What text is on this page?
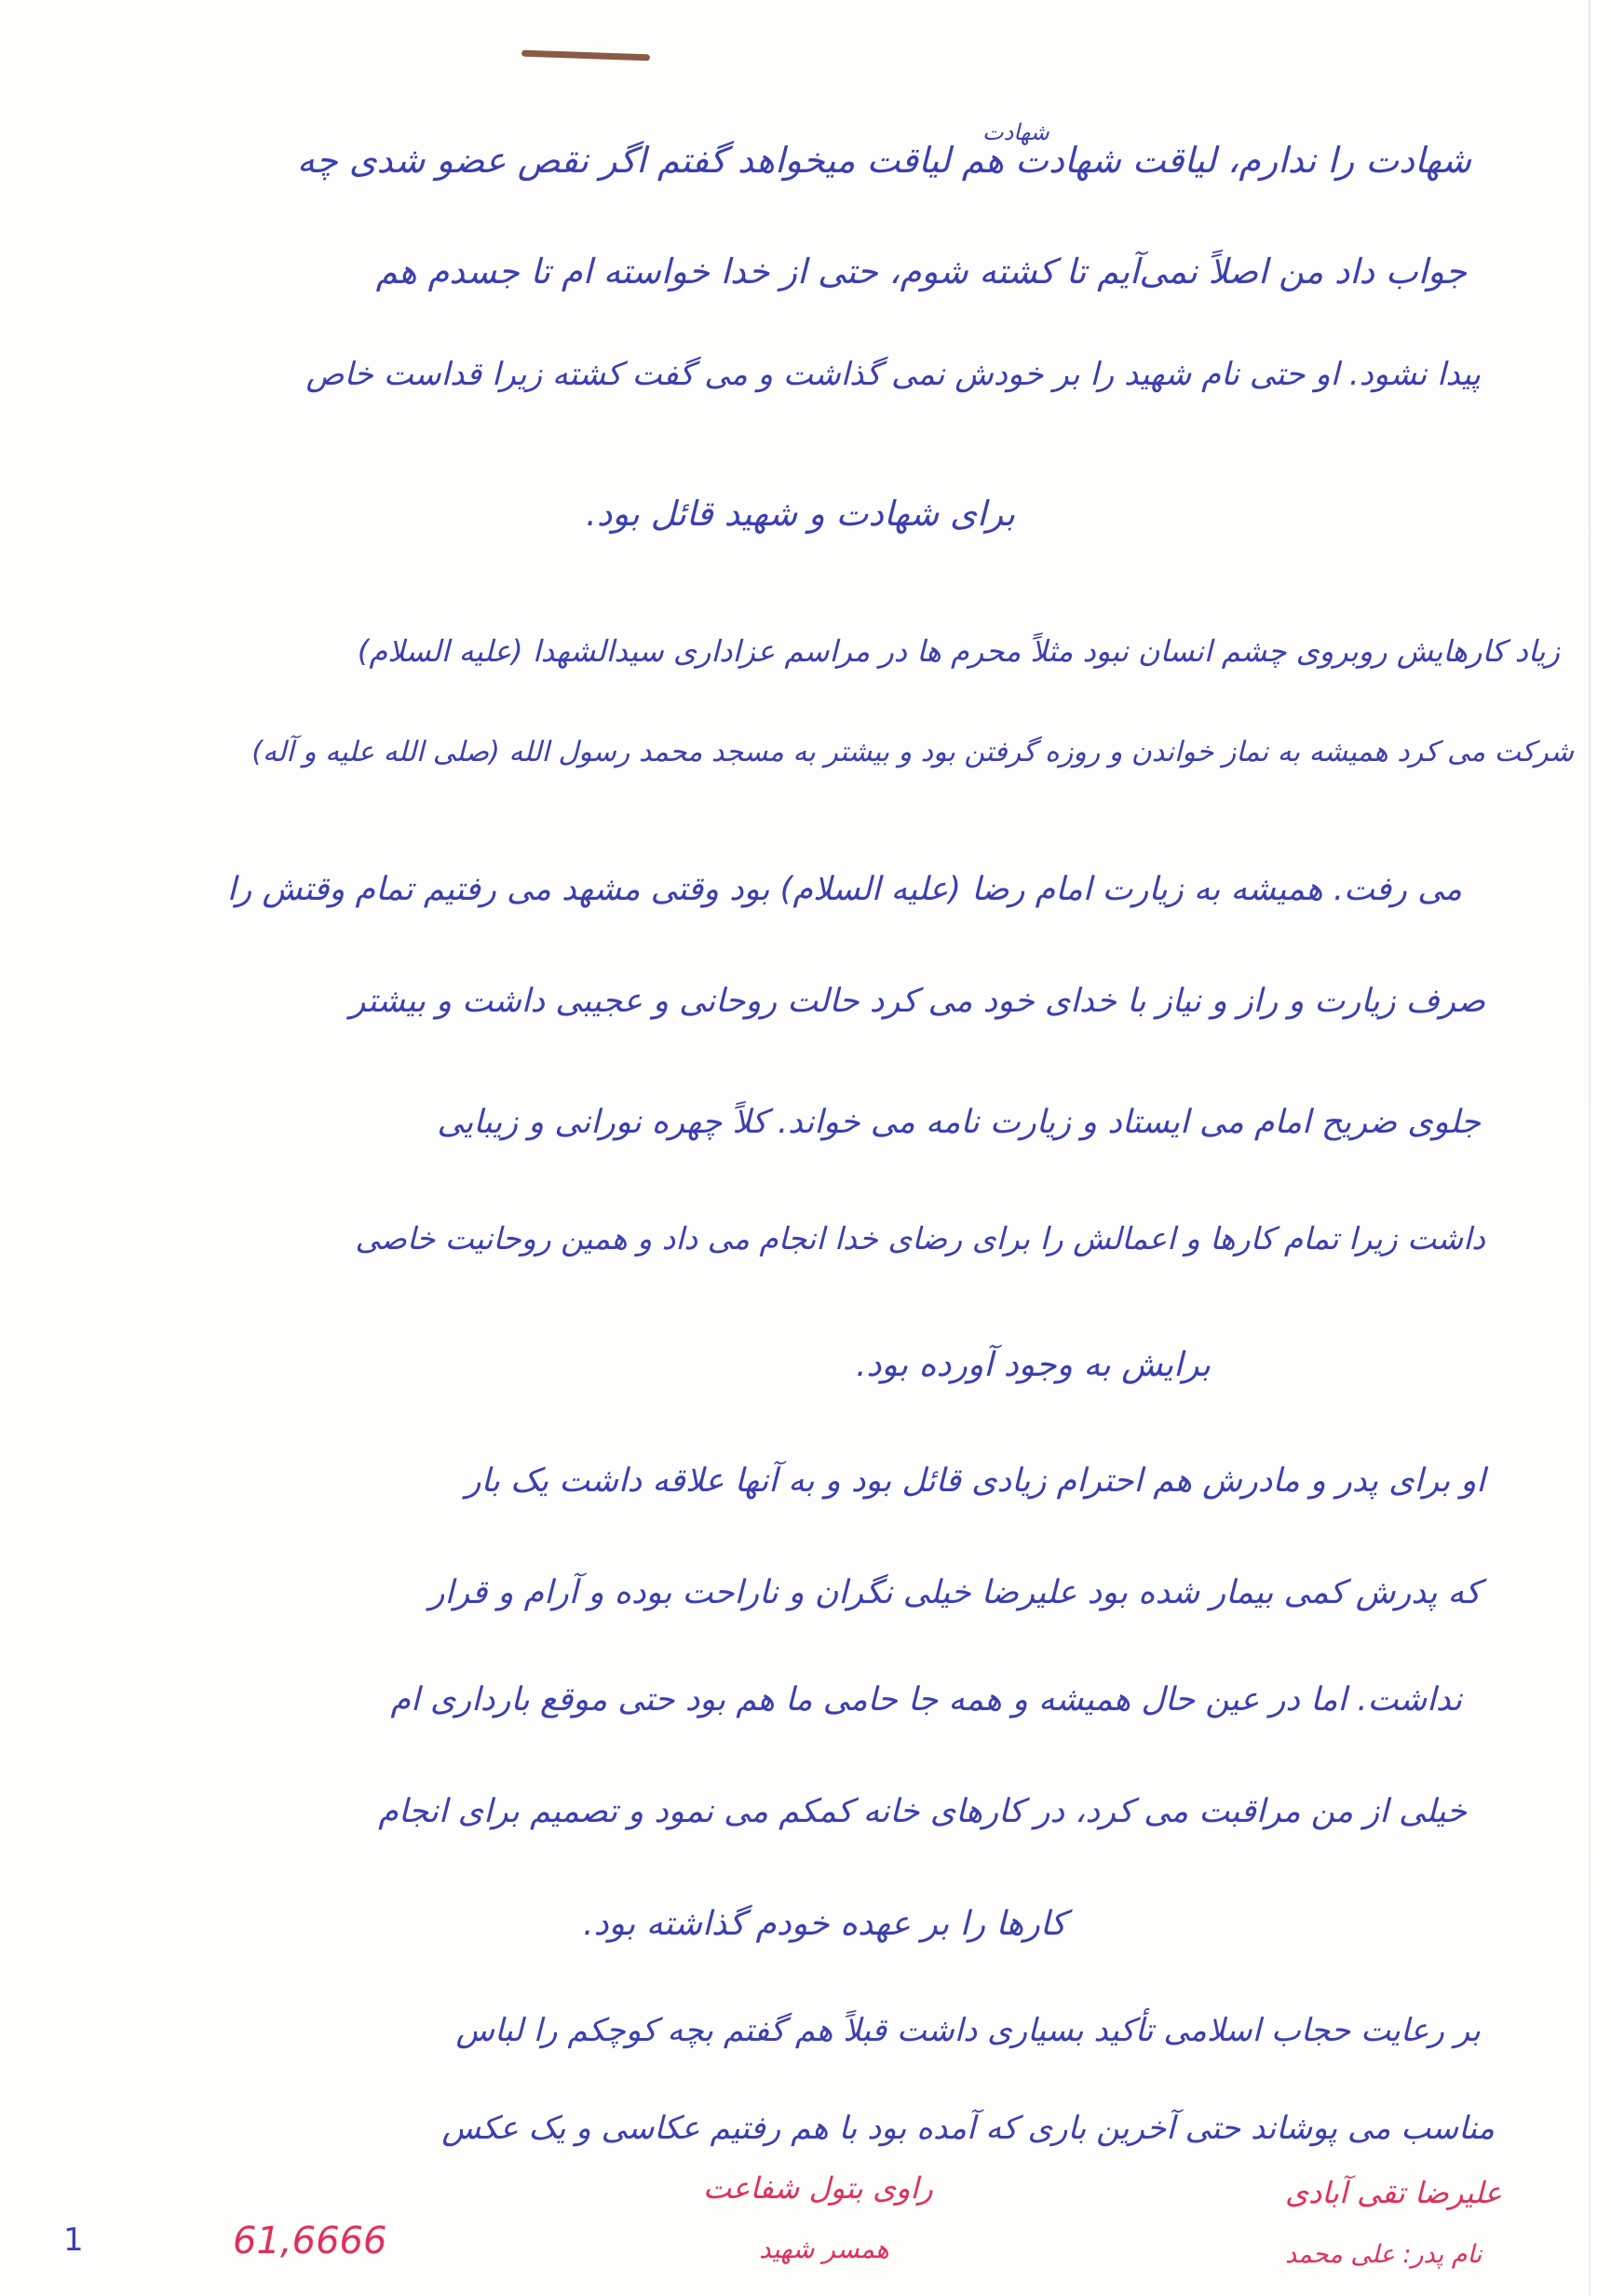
شهادت
شهادت را ندارم، لیاقت شهادت هم لیاقت میخواهد گفتم اگر نقص عضو شدی چه
جواب داد من اصلاً نمی‌آیم تا کشته شوم، حتی از خدا خواسته ام تا جسدم هم
پیدا نشود. او حتی نام شهید را بر خودش نمی گذاشت و می گفت کشته زیرا قداست خاص
برای شهادت و شهید قائل بود.
زیاد کارهایش روبروی چشم انسان نبود مثلاً محرم ها در مراسم عزاداری سیدالشهدا (علیه السلام)
شرکت می کرد همیشه به نماز خواندن و روزه گرفتن بود و بیشتر به مسجد محمد رسول الله (صلی الله علیه و آله)
می رفت. همیشه به زیارت امام رضا (علیه السلام) بود وقتی مشهد می رفتیم تمام وقتش را
صرف زیارت و راز و نیاز با خدای خود می کرد حالت روحانی و عجیبی داشت و بیشتر
جلوی ضریح امام می ایستاد و زیارت نامه می خواند. کلاً چهره نورانی و زیبایی
داشت زیرا تمام کارها و اعمالش را برای رضای خدا انجام می داد و همین روحانیت خاصی
برایش به وجود آورده بود.
او برای پدر و مادرش هم احترام زیادی قائل بود و به آنها علاقه داشت یک بار
که پدرش کمی بیمار شده بود علیرضا خیلی نگران و ناراحت بوده و آرام و قرار
نداشت. اما در عین حال همیشه و همه جا حامی ما هم بود حتی موقع بارداری ام
خیلی از من مراقبت می کرد، در کارهای خانه کمکم می نمود و تصمیم برای انجام
کارها را بر عهده خودم گذاشته بود.
بر رعایت حجاب اسلامی تأکید بسیاری داشت قبلاً هم گفتم بچه کوچکم را لباس
مناسب می پوشاند حتی آخرین باری که آمده بود با هم رفتیم عکاسی و یک عکس
1	61,6666
راوی بتول شفاعت
همسر شهید
علیرضا تقی آبادی
نام پدر: علی محمد
